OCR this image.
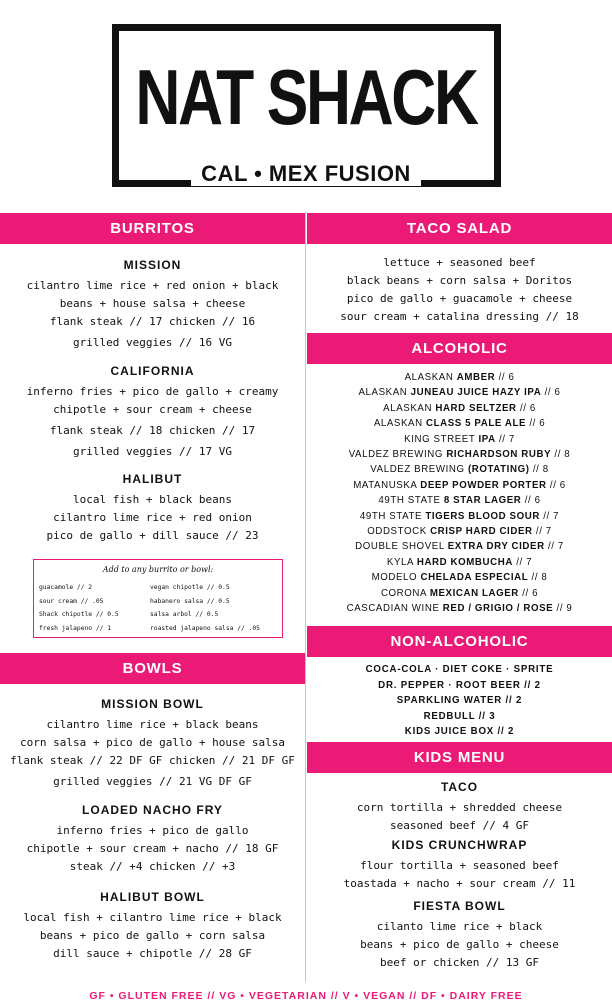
NAT SHACK
CAL • MEX FUSION
BURRITOS
MISSION
cilantro lime rice + red onion + black
beans + house salsa + cheese
flank steak // 17 chicken // 16
grilled veggies // 16 VG
CALIFORNIA
inferno fries + pico de gallo + creamy
chipotle + sour cream + cheese
flank steak // 18 chicken // 17
grilled veggies // 17 VG
HALIBUT
local fish + black beans
cilantro lime rice + red onion
pico de gallo + dill sauce // 23
Add to any burrito or bowl:
guacamole // 2
sour cream // .05
Shack chipotle // 0.5
fresh jalapeno // 1
vegan chipotle // 0.5
habanero salsa // 0.5
salsa arbol // 0.5
roasted jalapeno salsa // .05
BOWLS
MISSION BOWL
cilantro lime rice + black beans
corn salsa + pico de gallo + house salsa
flank steak // 22 DF GF chicken // 21 DF GF
grilled veggies // 21 VG DF GF
LOADED NACHO FRY
inferno fries + pico de gallo
chipotle + sour cream + nacho // 18 GF
steak // +4 chicken // +3
HALIBUT BOWL
local fish + cilantro lime rice + black
beans + pico de gallo + corn salsa
dill sauce + chipotle // 28 GF
TACO SALAD
lettuce + seasoned beef
black beans + corn salsa + Doritos
pico de gallo + guacamole + cheese
sour cream + catalina dressing // 18
ALCOHOLIC
ALASKAN AMBER // 6
ALASKAN JUNEAU JUICE HAZY IPA // 6
ALASKAN HARD SELTZER // 6
ALASKAN CLASS 5 PALE ALE // 6
KING STREET IPA // 7
VALDEZ BREWING RICHARDSON RUBY // 8
VALDEZ BREWING (ROTATING) // 8
MATANUSKA DEEP POWDER PORTER // 6
49TH STATE 8 STAR LAGER // 6
49TH STATE TIGERS BLOOD SOUR // 7
ODDSTOCK CRISP HARD CIDER // 7
DOUBLE SHOVEL EXTRA DRY CIDER // 7
KYLA HARD KOMBUCHA // 7
MODELO CHELADA ESPECIAL // 8
CORONA MEXICAN LAGER // 6
CASCADIAN WINE RED / GRIGIO / ROSE // 9
NON-ALCOHOLIC
COCA-COLA · DIET COKE · SPRITE
DR. PEPPER · ROOT BEER // 2
SPARKLING WATER // 2
REDBULL // 3
KIDS JUICE BOX // 2
KIDS MENU
TACO
corn tortilla + shredded cheese
seasoned beef // 4 GF
KIDS CRUNCHWRAP
flour tortilla + seasoned beef
toastada + nacho + sour cream // 11
FIESTA BOWL
cilanto lime rice + black
beans + pico de gallo + cheese
beef or chicken // 13 GF
GF • GLUTEN FREE // VG • VEGETARIAN // V • VEGAN // DF • DAIRY FREE
